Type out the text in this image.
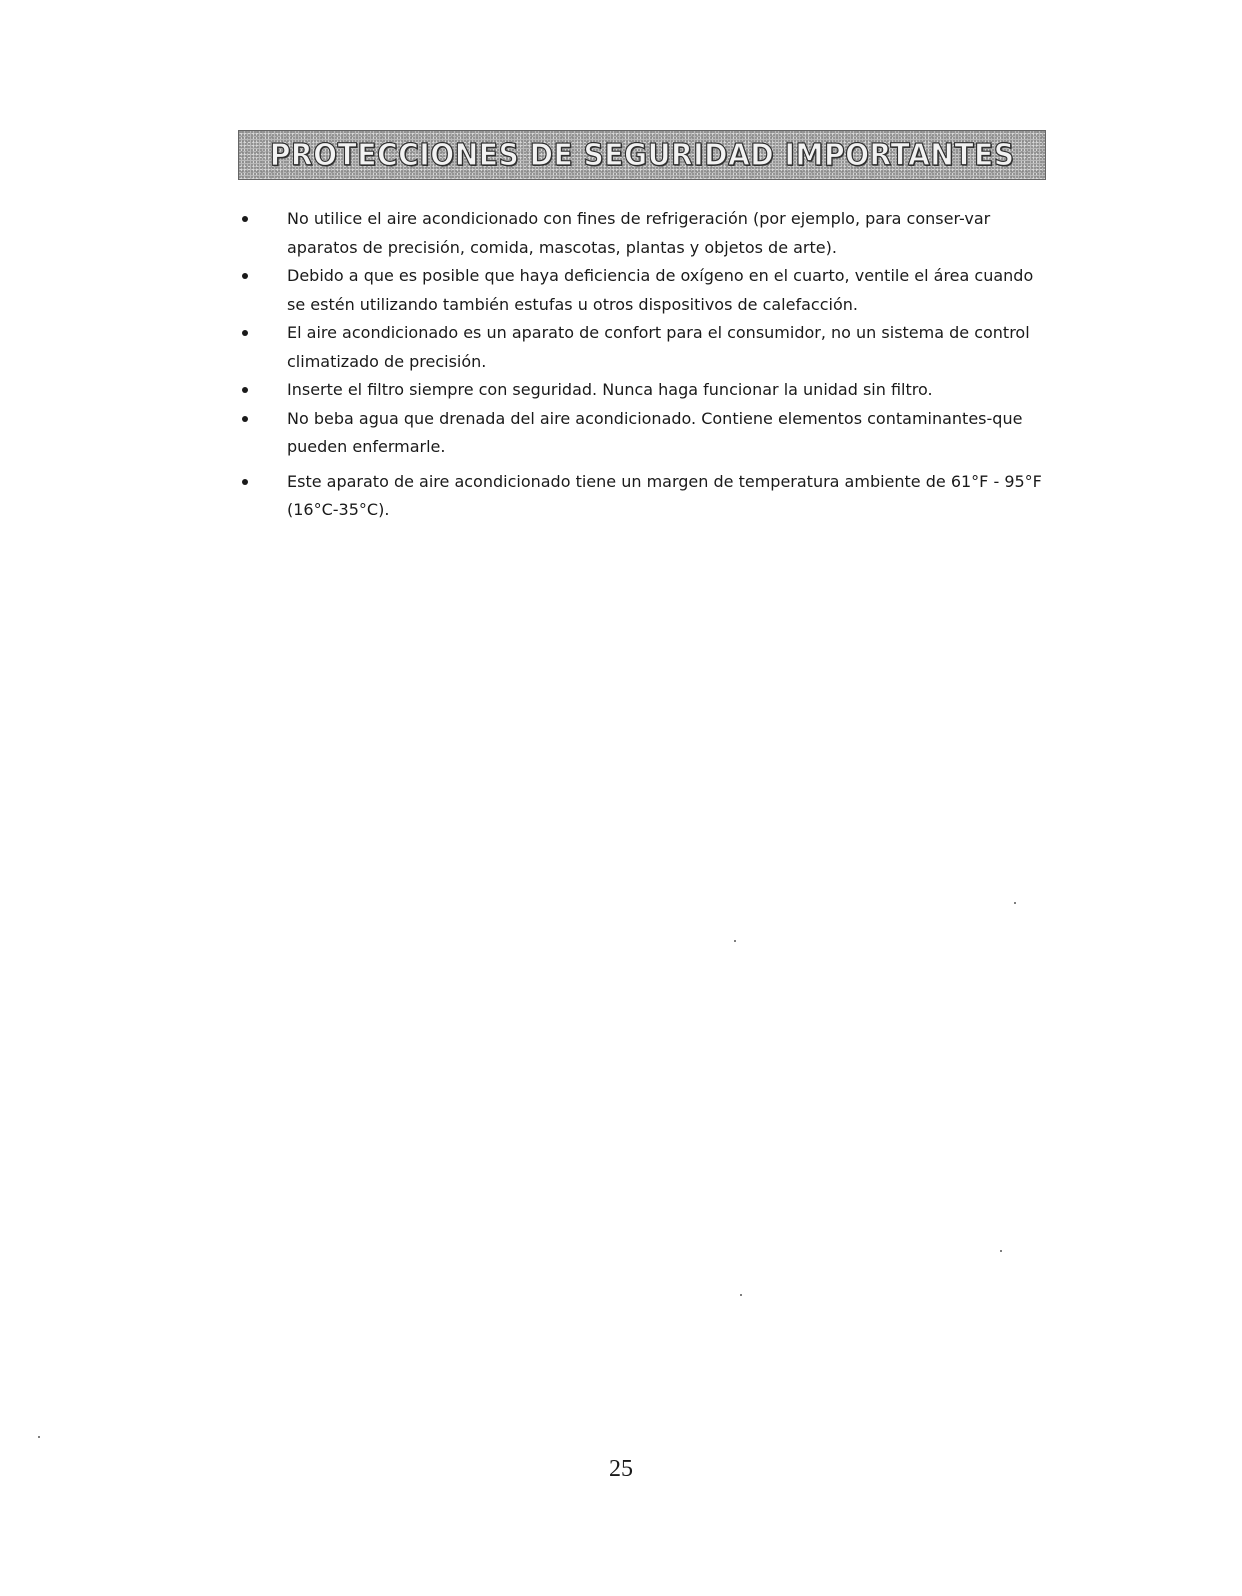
PROTECCIONES DE SEGURIDAD IMPORTANTES
No utilice el aire acondicionado con fines de refrigeración (por ejemplo, para conser-var aparatos de precisión, comida, mascotas, plantas y objetos de arte).
Debido a que es posible que haya deficiencia de oxígeno en el cuarto, ventile el área cuando se estén utilizando también estufas u otros dispositivos de calefacción.
El aire acondicionado es un aparato de confort para el consumidor, no un sistema de control climatizado de precisión.
Inserte el filtro siempre con seguridad. Nunca haga funcionar la unidad sin filtro.
No beba agua que drenada del aire acondicionado. Contiene elementos contaminantes-que pueden enfermarle.
Este aparato de aire acondicionado tiene un margen de temperatura ambiente de 61°F - 95°F (16°C-35°C).
25
